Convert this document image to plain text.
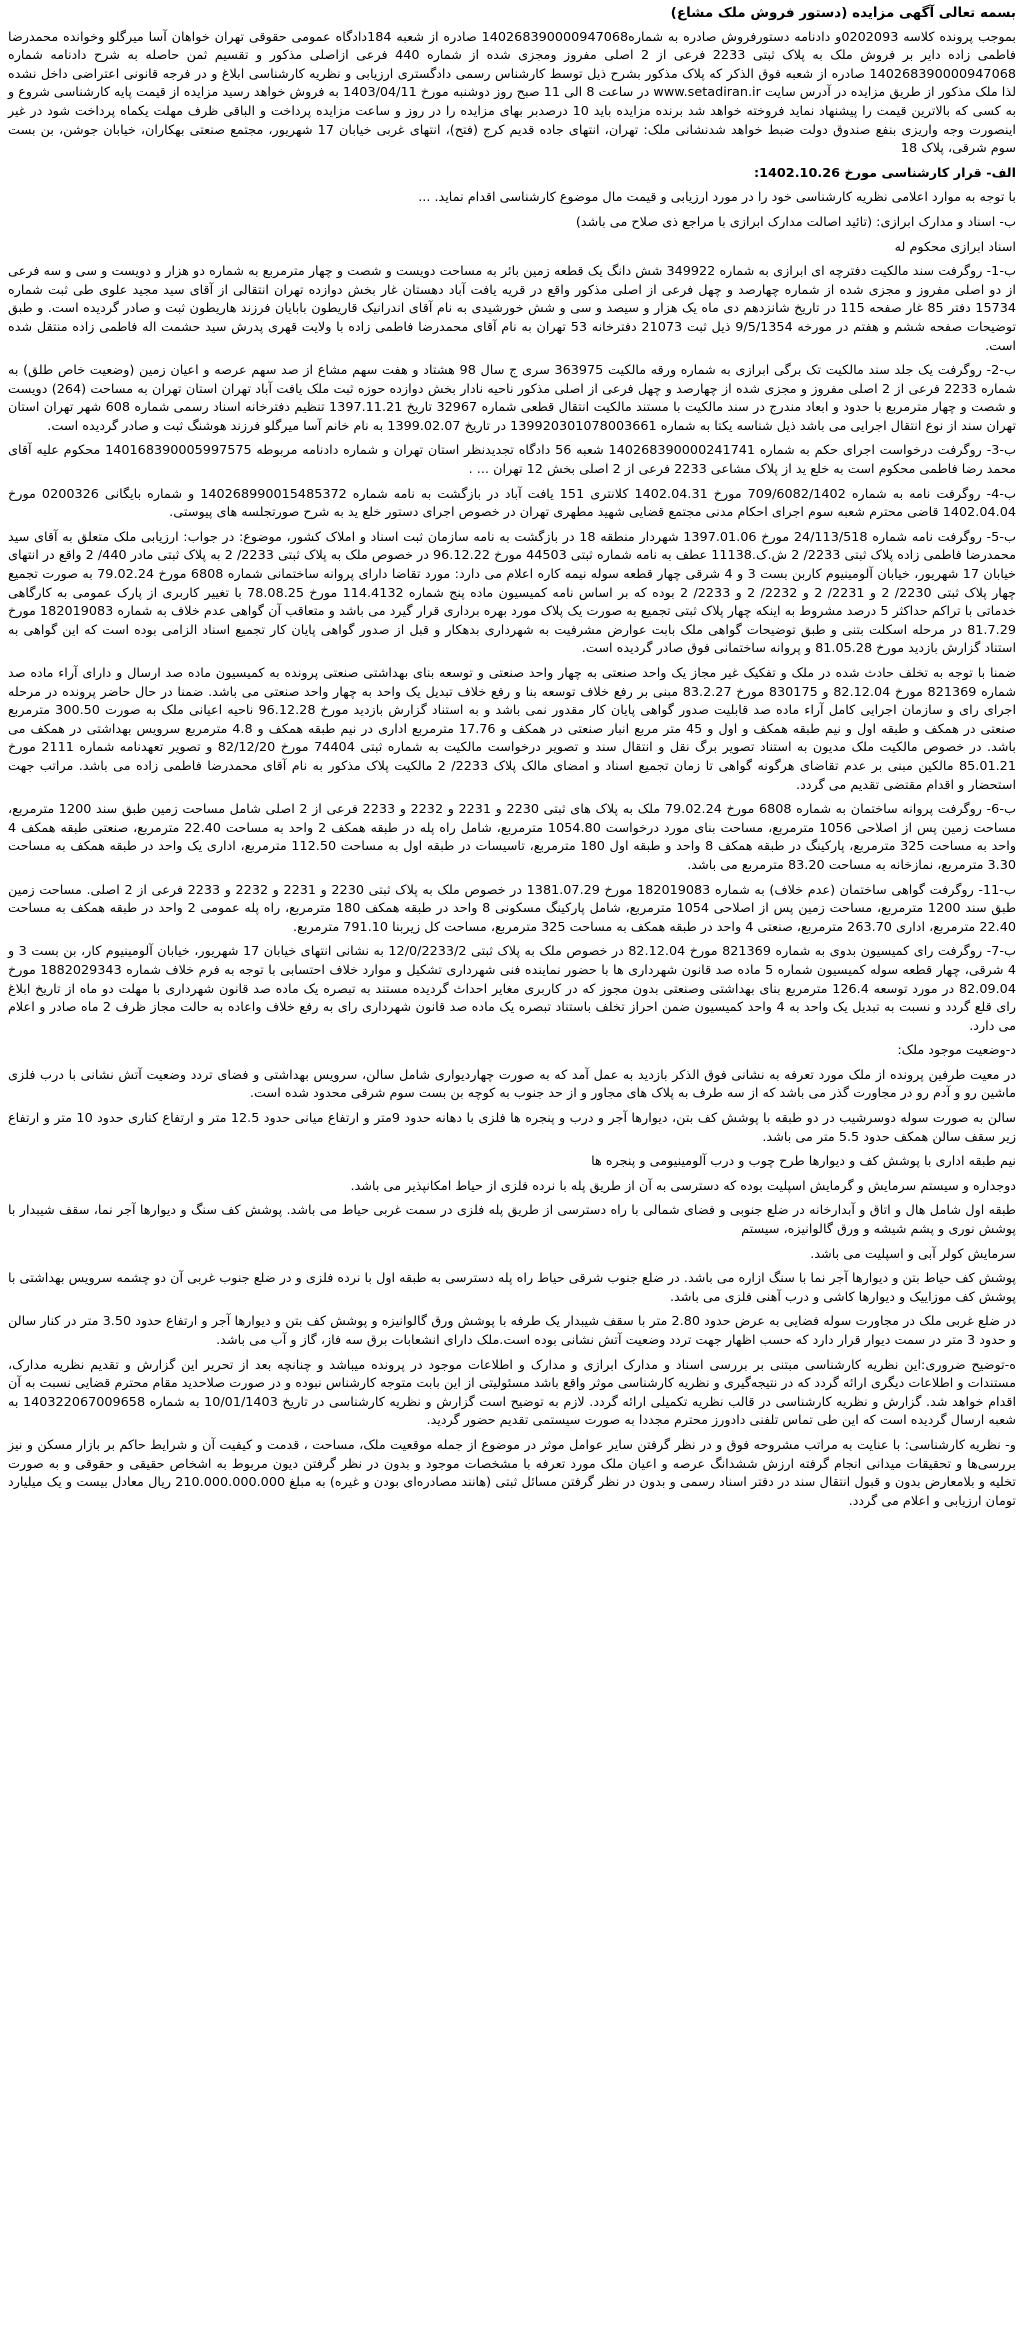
بسمه تعالی آگهی مزایده (دستور فروش ملک مشاع)

بموجب پرونده کلاسه 0202093و دادنامه دستورفروش صادره به شماره140268390000947068 صادره از شعبه 184دادگاه عمومی حقوقی تهران خواهان آسا میرگلو وخوانده محمدرضا فاطمی زاده دایر بر فروش ملک به پلاک ثبتی 2233 فرعی از 2 اصلی مفروز ومجزی شده از شماره 440 فرعی ازاصلی مذکور و تقسیم ثمن حاصله به شرح دادنامه شماره 140268390000947068 صادره از شعبه فوق الذکر که پلاک مذکور بشرح ذیل توسط کارشناس رسمی دادگستری ارزیابی و نظریه کارشناسی ابلاغ و در فرجه قانونی اعتراضی داخل نشده لذا ملک مذکور از طریق مزایده در آدرس سایت www.setadiran.ir در ساعت 8 الی 11 صبح روز دوشنبه مورخ 1403/04/11 به فروش خواهد رسید مزایده از قیمت پایه کارشناسی شروع و به کسی که بالاترین قیمت را پیشنهاد نماید فروخته خواهد شد برنده مزایده باید 10 درصدبر بهای مزایده را در روز و ساعت مزایده پرداخت و الباقی ظرف مهلت یکماه پرداخت شود در غیر اینصورت وجه واریزی بنفع صندوق دولت ضبط خواهد شدنشانی ملک: تهران، انتهای جاده قدیم کرج (فتح)، انتهای غربی خیابان 17 شهریور، مجتمع صنعتی بهکاران، خیابان جوشن، بن بست سوم شرقی، پلاک 18

الف- قرار کارشناسی مورخ 1402.10.26:

با توجه به موارد اعلامی نظریه کارشناسی خود را در مورد ارزیابی و قیمت مال موضوع کارشناسی اقدام نماید. ...

ب- اسناد و مدارک ابرازی: (تائید اصالت مدارک ابرازی با مراجع ذی صلاح می باشد)

اسناد ابرازی محکوم له

ب-1- روگرفت سند مالکیت دفترچه ای ابرازی به شماره 349922 شش دانگ یک قطعه زمین بائر به مساحت دویست و شصت و چهار مترمربع به شماره دو هزار و دویست و سی و سه فرعی از دو اصلی مفروز و مجزی شده از شماره چهارصد و چهل فرعی از اصلی مذکور واقع در قریه یافت آباد دهستان غار بخش دوازده تهران انتقالی از آقای سید مجید علوی طی ثبت شماره 15734 دفتر 85 غار صفحه 115 در تاریخ شانزدهم دی ماه یک هزار و سیصد و سی و شش خورشیدی به نام آقای اندرانیک قاریطون بابایان فرزند هاریطون ثبت و صادر گردیده است. و طبق توضیحات صفحه ششم و هفتم در مورخه 9/5/1354 ذیل ثبت 21073 دفترخانه 53 تهران به نام آقای محمدرضا فاطمی زاده با ولایت قهری پدرش سید حشمت اله فاطمی زاده منتقل شده است.

ب-2- روگرفت یک جلد سند مالکیت تک برگی ابرازی به شماره ورقه مالکیت 363975 سری ج سال 98 هشتاد و هفت سهم مشاع از صد سهم عرصه و اعیان زمین (وضعیت خاص طلق) به شماره 2233 فرعی از 2 اصلی مفروز و مجزی شده از چهارصد و چهل فرعی از اصلی مذکور ناحیه نادار بخش دوازده حوزه ثبت ملک یافت آباد تهران استان تهران به مساحت (264) دویست و شصت و چهار مترمربع با حدود و ابعاد مندرج در سند مالکیت با مستند مالکیت انتقال قطعی شماره 32967 تاریخ 1397.11.21 تنظیم دفترخانه اسناد رسمی شماره 608 شهر تهران استان تهران سند از نوع انتقال اجرایی می باشد ذیل شناسه یکتا به شماره 139920301078003661 در تاریخ 1399.02.07 به نام خانم آسا میرگلو فرزند هوشنگ ثبت و صادر گردیده است.

ب-3- روگرفت درخواست اجرای حکم به شماره 140268390000241741 شعبه 56 دادگاه تجدیدنظر استان تهران و شماره دادنامه مربوطه 140168390005997575 محکوم علیه آقای محمد رضا فاطمی محکوم است به خلع ید از پلاک مشاعی 2233 فرعی از 2 اصلی بخش 12 تهران ... .

ب-4- روگرفت نامه به شماره 709/6082/1402 مورخ 1402.04.31 کلانتری 151 یافت آباد در بازگشت به نامه شماره 140268990015485372 و شماره بایگانی 0200326 مورخ 1402.04.04 قاضی محترم شعبه سوم اجرای احکام مدنی مجتمع قضایی شهید مطهری تهران در خصوص اجرای دستور خلع ید به شرح صورتجلسه های پیوستی.

ب-5- روگرفت نامه شماره 24/113/518 مورخ 1397.01.06 شهردار منطقه 18 در بازگشت به نامه سازمان ثبت اسناد و املاک کشور، موضوع: در جواب: ارزیابی ملک متعلق به آقای سید محمدرضا فاطمی زاده پلاک ثبتی 2233/ 2 ش.ک.11138 عطف به نامه شماره ثبتی 44503 مورخ 96.12.22 در خصوص ملک به پلاک ثبتی 2233/ 2 به پلاک ثبتی مادر 440/ 2 واقع در انتهای خیابان 17 شهریور، خیابان آلومینیوم کاربن بست 3 و 4 شرقی چهار قطعه سوله نیمه کاره اعلام می دارد: مورد تقاضا دارای پروانه ساختمانی شماره 6808 مورخ 79.02.24 به صورت تجمیع چهار پلاک ثبتی 2230/ 2 و 2231/ 2 و 2232/ 2 و 2233/ 2 بوده که بر اساس نامه کمیسیون ماده پنج شماره 114.4132 مورخ 78.08.25 با تغییر کاربری از پارک عمومی به کارگاهی خدماتی با تراکم حداکثر 5 درصد مشروط به اینکه چهار پلاک ثبتی تجمیع به صورت یک پلاک مورد بهره برداری قرار گیرد می باشد و متعاقب آن گواهی عدم خلاف به شماره 182019083 مورخ 81.7.29 در مرحله اسکلت بتنی و طبق توضیحات گواهی ملک بابت عوارض مشرفیت به شهرداری بدهکار و قبل از صدور گواهی پایان کار تجمیع اسناد الزامی بوده است که این گواهی به استناد گزارش بازدید مورخ 81.05.28 و پروانه ساختمانی فوق صادر گردیده است.

ضمنا با توجه به تخلف حادث شده در ملک و تفکیک غیر مجاز یک واحد صنعتی به چهار واحد صنعتی و توسعه بنای بهداشتی صنعتی پرونده به کمیسیون ماده صد ارسال و دارای آراء ماده صد شماره 821369 مورخ 82.12.04 و 830175 مورخ 83.2.27 مبنی بر رفع خلاف توسعه بنا و رفع خلاف تبدیل یک واحد به چهار واحد صنعتی می باشد. ضمنا در حال حاضر پرونده در مرحله اجرای رای و سازمان اجرایی کامل آراء ماده صد قابلیت صدور گواهی پایان کار مقدور نمی باشد و به استناد گزارش بازدید مورخ 96.12.28 ناحیه اعیانی ملک به صورت 300.50 مترمربع صنعتی در همکف و طبقه اول و نیم طبقه همکف و اول و 45 متر مربع انبار صنعتی در همکف و 17.76 مترمربع اداری در نیم طبقه همکف و 4.8 مترمربع سرویس بهداشتی در همکف می باشد. در خصوص مالکیت ملک مدیون به استناد تصویر برگ نقل و انتقال سند و تصویر درخواست مالکیت به شماره ثبتی 74404 مورخ 82/12/20 و تصویر تعهدنامه شماره 2111 مورخ 85.01.21 مالکین مبنی بر عدم تقاضای هرگونه گواهی تا زمان تجمیع اسناد و امضای مالک پلاک 2233/ 2 مالکیت پلاک مذکور به نام آقای محمدرضا فاطمی زاده می باشد. مراتب جهت استحضار و اقدام مقتضی تقدیم می گردد.

ب-6- روگرفت پروانه ساختمان به شماره 6808 مورخ 79.02.24 ملک به پلاک های ثبتی 2230 و 2231 و 2232 و 2233 فرعی از 2 اصلی شامل مساحت زمین طبق سند 1200 مترمربع، مساحت زمین پس از اصلاحی 1056 مترمربع، مساحت بنای مورد درخواست 1054.80 مترمربع، شامل راه پله در طبقه همکف 2 واحد به مساحت 22.40 مترمربع، صنعتی طبقه همکف 4 واحد به مساحت 325 مترمربع، پارکینگ در طبقه همکف 8 واحد و طبقه اول 180 مترمربع، تاسیسات در طبقه اول به مساحت 112.50 مترمربع، اداری یک واحد در طبقه همکف به مساحت 3.30 مترمربع، نمازخانه به مساحت 83.20 مترمربع می باشد.

ب-11- روگرفت گواهی ساختمان (عدم خلاف) به شماره 182019083 مورخ 1381.07.29 در خصوص ملک به پلاک ثبتی 2230 و 2231 و 2232 و 2233 فرعی از 2 اصلی. مساحت زمین طبق سند 1200 مترمربع، مساحت زمین پس از اصلاحی 1054 مترمربع، شامل پارکینگ مسکونی 8 واحد در طبقه همکف 180 مترمربع، راه پله عمومی 2 واحد در طبقه همکف به مساحت 22.40 مترمربع، اداری 263.70 مترمربع، صنعتی 4 واحد در طبقه همکف به مساحت 325 مترمربع، مساحت کل زیربنا 791.10 مترمربع.

ب-7- روگرفت رای کمیسیون بدوی به شماره 821369 مورخ 82.12.04 در خصوص ملک به پلاک ثبتی 12/0/2233/2 به نشانی انتهای خیابان 17 شهریور، خیابان آلومینیوم کار، بن بست 3 و 4 شرقی، چهار قطعه سوله کمیسیون شماره 5 ماده صد قانون شهرداری ها با حضور نماینده فنی شهرداری تشکیل و موارد خلاف احتسابی با توجه به فرم خلاف شماره 1882029343 مورخ 82.09.04 در مورد توسعه 126.4 مترمربع بنای بهداشتی وصنعتی بدون مجوز که در کاربری مغایر احداث گردیده مستند به تبصره یک ماده صد قانون شهرداری با مهلت دو ماه از تاریخ ابلاغ رای قلع گردد و نسبت به تبدیل یک واحد به 4 واحد کمیسیون ضمن احراز تخلف باستناد تبصره یک ماده صد قانون شهرداری رای به رفع خلاف واعاده به حالت مجاز ظرف 2 ماه صادر و اعلام می دارد.

د-وضعیت موجود ملک:

در معیت طرفین پرونده از ملک مورد تعرفه به نشانی فوق الذکر بازدید به عمل آمد که به صورت چهاردیواری شامل سالن، سرویس بهداشتی و فضای تردد وضعیت آتش نشانی با درب فلزی ماشین رو و آدم رو در مجاورت گذر می باشد که از سه طرف به پلاک های مجاور و از حد جنوب به کوچه بن بست سوم شرقی محدود شده است.

سالن به صورت سوله دوسرشیب در دو طبقه با پوشش کف بتن، دیوارها آجر و درب و پنجره ها فلزی با دهانه حدود 9متر و ارتفاع میانی حدود 12.5 متر و ارتفاع کناری حدود 10 متر و ارتفاع زیر سقف سالن همکف حدود 5.5 متر می باشد.

نیم طبقه اداری با پوشش کف و دیوارها طرح چوب و درب آلومینیومی و پنجره ها

دوجداره و سیستم سرمایش و گرمایش اسپلیت بوده که دسترسی به آن از طریق پله با نرده فلزی از حیاط امکانپذیر می باشد.

طبقه اول شامل هال و اتاق و آبدارخانه در ضلع جنوبی و فضای شمالی با راه دسترسی از طریق پله فلزی در سمت غربی حیاط می باشد. پوشش کف سنگ و دیوارها آجر نما، سقف شیبدار با پوشش نوری و پشم شیشه و ورق گالوانیزه، سیستم

سرمایش کولر آبی و اسپلیت می باشد.

پوشش کف حیاط بتن و دیوارها آجر نما با سنگ ازاره می باشد. در ضلع جنوب شرقی حیاط راه پله دسترسی به طبقه اول با نرده فلزی و در ضلع جنوب غربی آن دو چشمه سرویس بهداشتی با پوشش کف موزاییک و دیوارها کاشی و درب آهنی فلزی می باشد.

در ضلع غربی ملک در مجاورت سوله فضایی به عرض حدود 2.80 متر با سقف شیبدار یک طرفه با پوشش ورق گالوانیزه و پوشش کف بتن و دیوارها آجر و ارتفاع حدود 3.50 متر در کنار سالن و حدود 3 متر در سمت دیوار قرار دارد که حسب اظهار جهت تردد وضعیت آتش نشانی بوده است.ملک دارای انشعابات برق سه فاز، گاز و آب می باشد.

ه-توضیح ضروری:این نظریه کارشناسی مبتنی بر بررسی اسناد و مدارک ابرازی و مدارک و اطلاعات موجود در پرونده میباشد و چنانچه بعد از تحریر این گزارش و تقدیم نظریه مدارک، مستندات و اطلاعات دیگری ارائه گردد که در نتیجه‌گیری و نظریه کارشناسی موثر واقع باشد مسئولیتی از این بابت متوجه کارشناس نبوده و در صورت صلاحدید مقام محترم قضایی نسبت به آن اقدام خواهد شد. گزارش و نظریه کارشناسی در قالب نظریه تکمیلی ارائه گردد. لازم به توضیح است گزارش و نظریه کارشناسی در تاریخ 10/01/1403 به شماره 140322067009658 به شعبه ارسال گردیده است که این طی تماس تلفنی دادورز محترم مجددا به صورت سیستمی تقدیم حضور گردید.

و- نظریه کارشناسی: با عنایت به مراتب مشروحه فوق و در نظر گرفتن سایر عوامل موثر در موضوع از جمله موقعیت ملک، مساحت ، قدمت و کیفیت آن و شرایط حاکم بر بازار مسکن و نیز بررسی‌ها و تحقیقات میدانی انجام گرفته ارزش ششدانگ عرصه و اعیان ملک مورد تعرفه با مشخصات موجود و بدون در نظر گرفتن دیون مربوط به اشخاص حقیقی و حقوقی و به صورت تخلیه و بلامعارض بدون و قبول انتقال سند در دفتر اسناد رسمی و بدون در نظر گرفتن مسائل ثبتی (هانند مصادره‌ای بودن و غیره) به مبلغ 210.000.000.000 ریال معادل بیست و یک میلیارد تومان ارزیابی و اعلام می گردد.
